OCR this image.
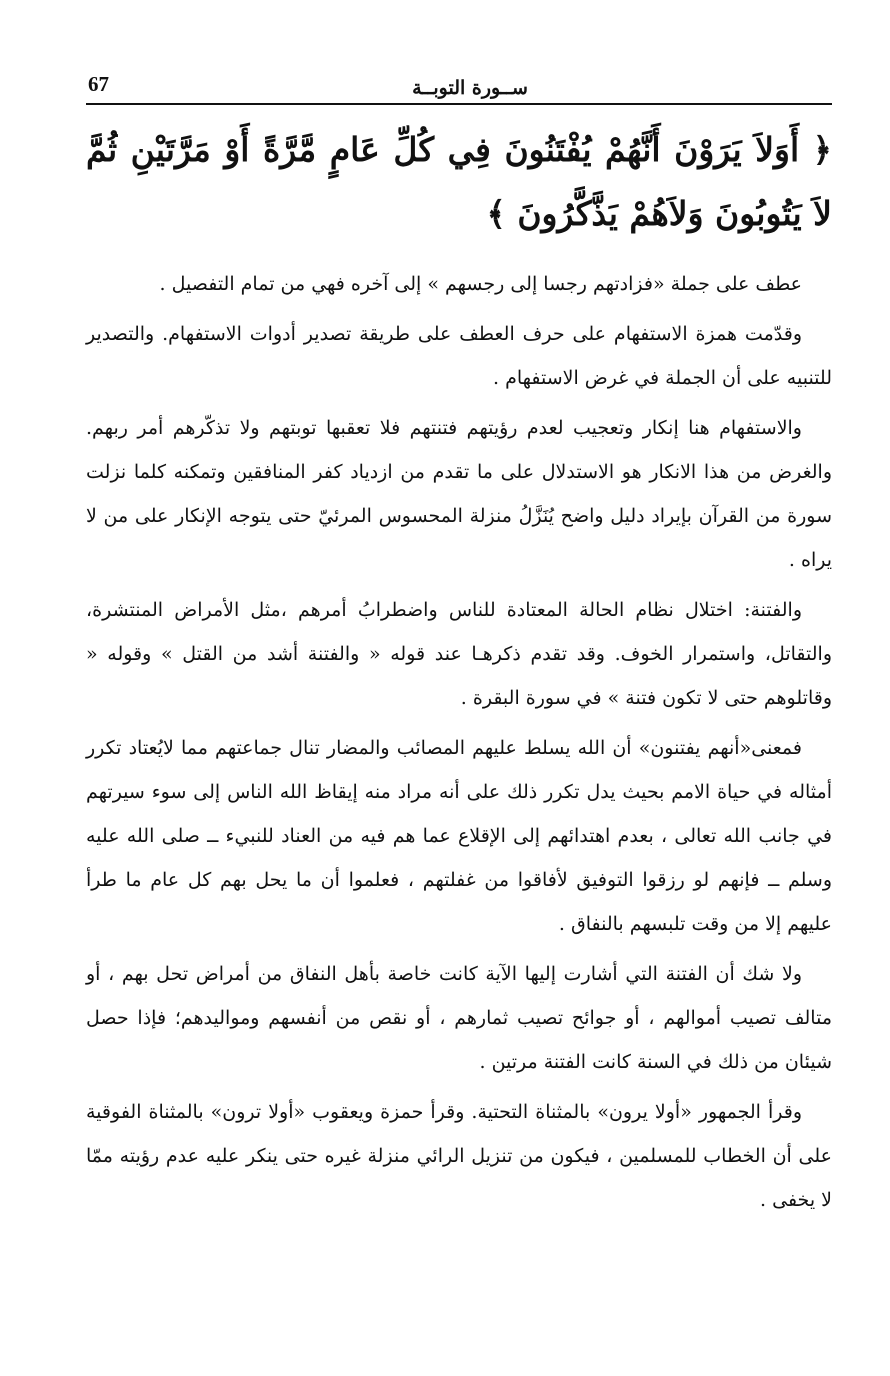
67	ســورة التوبــة
﴿ أَوَلاَ يَرَوْنَ أَنَّهُمْ يُفْتَنُونَ فِي كُلِّ عَامٍ مَّرَّةً أَوْ مَرَّتَيْنِ ثُمَّ لاَ يَتُوبُونَ وَلاَهُمْ يَذَّكَّرُونَ ﴾

عطف على جملة «فزادتهم رجسا إلى رجسهم » إلى آخره فهي من تمام التفصيل .

وقدّمت همزة الاستفهام على حرف العطف على طريقة تصدير أدوات الاستفهام. والتصدير للتنبيه على أن الجملة في غرض الاستفهام .

والاستفهام هنا إنكار وتعجيب لعدم رؤيتهم فتنتهم فلا تعقبها توبتهم ولا تذكّرهم أمر ربهم. والغرض من هذا الانكار هو الاستدلال على ما تقدم من ازدياد كفر المنافقين وتمكنه كلما نزلت سورة من القرآن بإيراد دليل واضح يُنَزَّلُ منزلة المحسوس المرئيّ حتى يتوجه الإنكار على من لا يراه .

والفتنة: اختلال نظام الحالة المعتادة للناس واضطرابُ أمرهم ،مثل الأمراض المنتشرة، والتقاتل، واستمرار الخوف. وقد تقدم ذكرهـا عند قوله « والفتنة أشد من القتل » وقوله « وقاتلوهم حتى لا تكون فتنة » في سورة البقرة .

فمعنى«أنهم يفتنون» أن الله يسلط عليهم المصائب والمضار تنال جماعتهم مما لايُعتاد تكرر أمثاله في حياة الامم بحيث يدل تكرر ذلك على أنه مراد منه إيقاظ الله الناس إلى سوء سيرتهم في جانب الله تعالى ، بعدم اهتدائهم إلى الإقلاع عما هم فيه من العناد للنبيء ــ صلى الله عليه وسلم ــ فإنهم لو رزقوا التوفيق لأفاقوا من غفلتهم ، فعلموا أن ما يحل بهم كل عام ما طرأ عليهم إلا من وقت تلبسهم بالنفاق .

ولا شك أن الفتنة التي أشارت إليها الآية كانت خاصة بأهل النفاق من أمراض تحل بهم ، أو متالف تصيب أموالهم ، أو جوائح تصيب ثمارهم ، أو نقص من أنفسهم ومواليدهم؛ فإذا حصل شيئان من ذلك في السنة كانت الفتنة مرتين .

وقرأ الجمهور «أولا يرون» بالمثناة التحتية. وقرأ حمزة ويعقوب «أولا ترون» بالمثناة الفوقية على أن الخطاب للمسلمين ، فيكون من تنزيل الرائي منزلة غيره حتى ينكر عليه عدم رؤيته ممّا لا يخفى .
